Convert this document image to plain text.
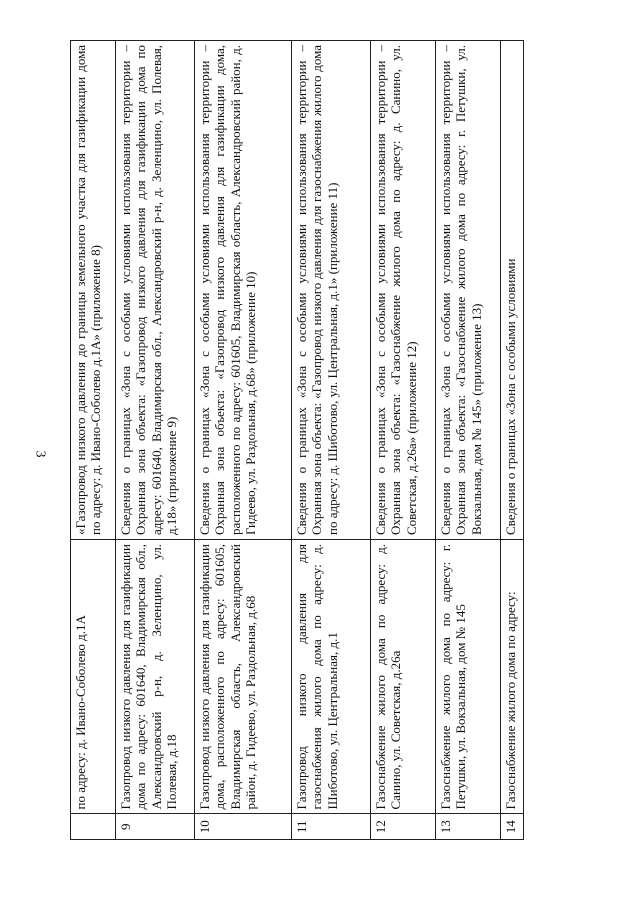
3
	по адресу: д. Ивано-Соболево д.1А	«Газопровод низкого давления до границы земельного участка для газификации дома по адресу: д. Ивано-Соболево д.1А» (приложение 8)
9	Газопровод низкого давления для газификации дома по адресу: 601640, Владимирская обл., Александровский р-н, д. Зеленцино, ул. Полевая, д.18	Сведения о границах «Зона с особыми условиями использования территории – Охранная зона объекта: «Газопровод низкого давления для газификации дома по адресу: 601640, Владимирская обл., Александровский р-н, д. Зеленцино, ул. Полевая, д.18» (приложение 9)
10	Газопровод низкого давления для газификации дома, расположенного по адресу: 601605, Владимирская область, Александровский район, д. Гидеево, ул. Раздольная, д.68	Сведения о границах «Зона с особыми условиями использования территории – Охранная зона объекта: «Газопровод низкого давления для газификации дома, расположенного по адресу: 601605, Владимирская область, Александровский район, д. Гидеево, ул. Раздольная, д.68» (приложение 10)
11	Газопровод низкого давления для газоснабжения жилого дома по адресу: д. Шиботово, ул. Центральная, д.1	Сведения о границах «Зона с особыми условиями использования территории – Охранная зона объекта: «Газопровод низкого давления для газоснабжения жилого дома по адресу: д. Шиботово, ул. Центральная, д.1» (приложение 11)
12	Газоснабжение жилого дома по адресу: д. Санино, ул. Советская, д.26а	Сведения о границах «Зона с особыми условиями использования территории – Охранная зона объекта: «Газоснабжение жилого дома по адресу: д. Санино, ул. Советская, д.26а» (приложение 12)
13	Газоснабжение жилого дома по адресу: г. Петушки, ул. Вокзальная, дом № 145	Сведения о границах «Зона с особыми условиями использования территории – Охранная зона объекта: «Газоснабжение жилого дома по адресу: г. Петушки, ул. Вокзальная, дом № 145» (приложение 13)
14	Газоснабжение жилого дома по адресу:	Сведения о границах «Зона с особыми условиями
